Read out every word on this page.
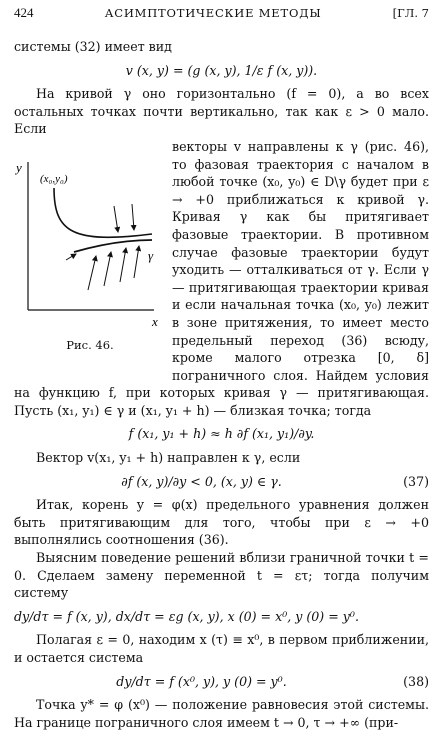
424	АСИМПТОТИЧЕСКИЕ МЕТОДЫ	[ГЛ. 7

системы (32) имеет вид

v (x, y) = (g (x, y), 1/ε f (x, y)).

На кривой γ оно горизонтально (f = 0), а во всех остальных точках почти вертикально, так как ε > 0 мало. Если

y
x
(x₀,y₀)
γ
Рис. 46.

векторы v направлены к γ (рис. 46), то фазовая траектория с началом в любой точке (x₀, y₀) ∈ D\γ будет при ε → +0 приближаться к кривой γ. Кривая γ как бы притягивает фазовые траектории. В противном случае фазовые траектории будут уходить — отталкиваться от γ. Если γ — притягивающая траектории кривая и если начальная точка (x₀, y₀) лежит в зоне притяжения, то имеет место предельный переход (36) всюду, кроме малого отрезка [0, δ] пограничного слоя. Найдем условия на функцию f, при которых кривая γ — притягивающая. Пусть (x₁, y₁) ∈ γ и (x₁, y₁ + h) — близкая точка; тогда

f (x₁, y₁ + h) ≈ h ∂f (x₁, y₁)/∂y.

Вектор v(x₁, y₁ + h) направлен к γ, если

∂f (x, y)/∂y < 0, (x, y) ∈ γ.	(37)

Итак, корень y = φ(x) предельного уравнения должен быть притягивающим для того, чтобы при ε → +0 выполнялись соотношения (36).

Выясним поведение решений вблизи граничной точки t = 0. Сделаем замену переменной t = ετ; тогда получим систему

dy/dτ = f (x, y), dx/dτ = εg (x, y), x (0) = x⁰, y (0) = y⁰.

Полагая ε = 0, находим x (τ) ≡ x⁰, в первом приближении, и остается система

dy/dτ = f (x⁰, y), y (0) = y⁰.	(38)

Точка y* = φ (x⁰) — положение равновесия этой системы. На границе пограничного слоя имеем t → 0, τ → +∞ (при-
